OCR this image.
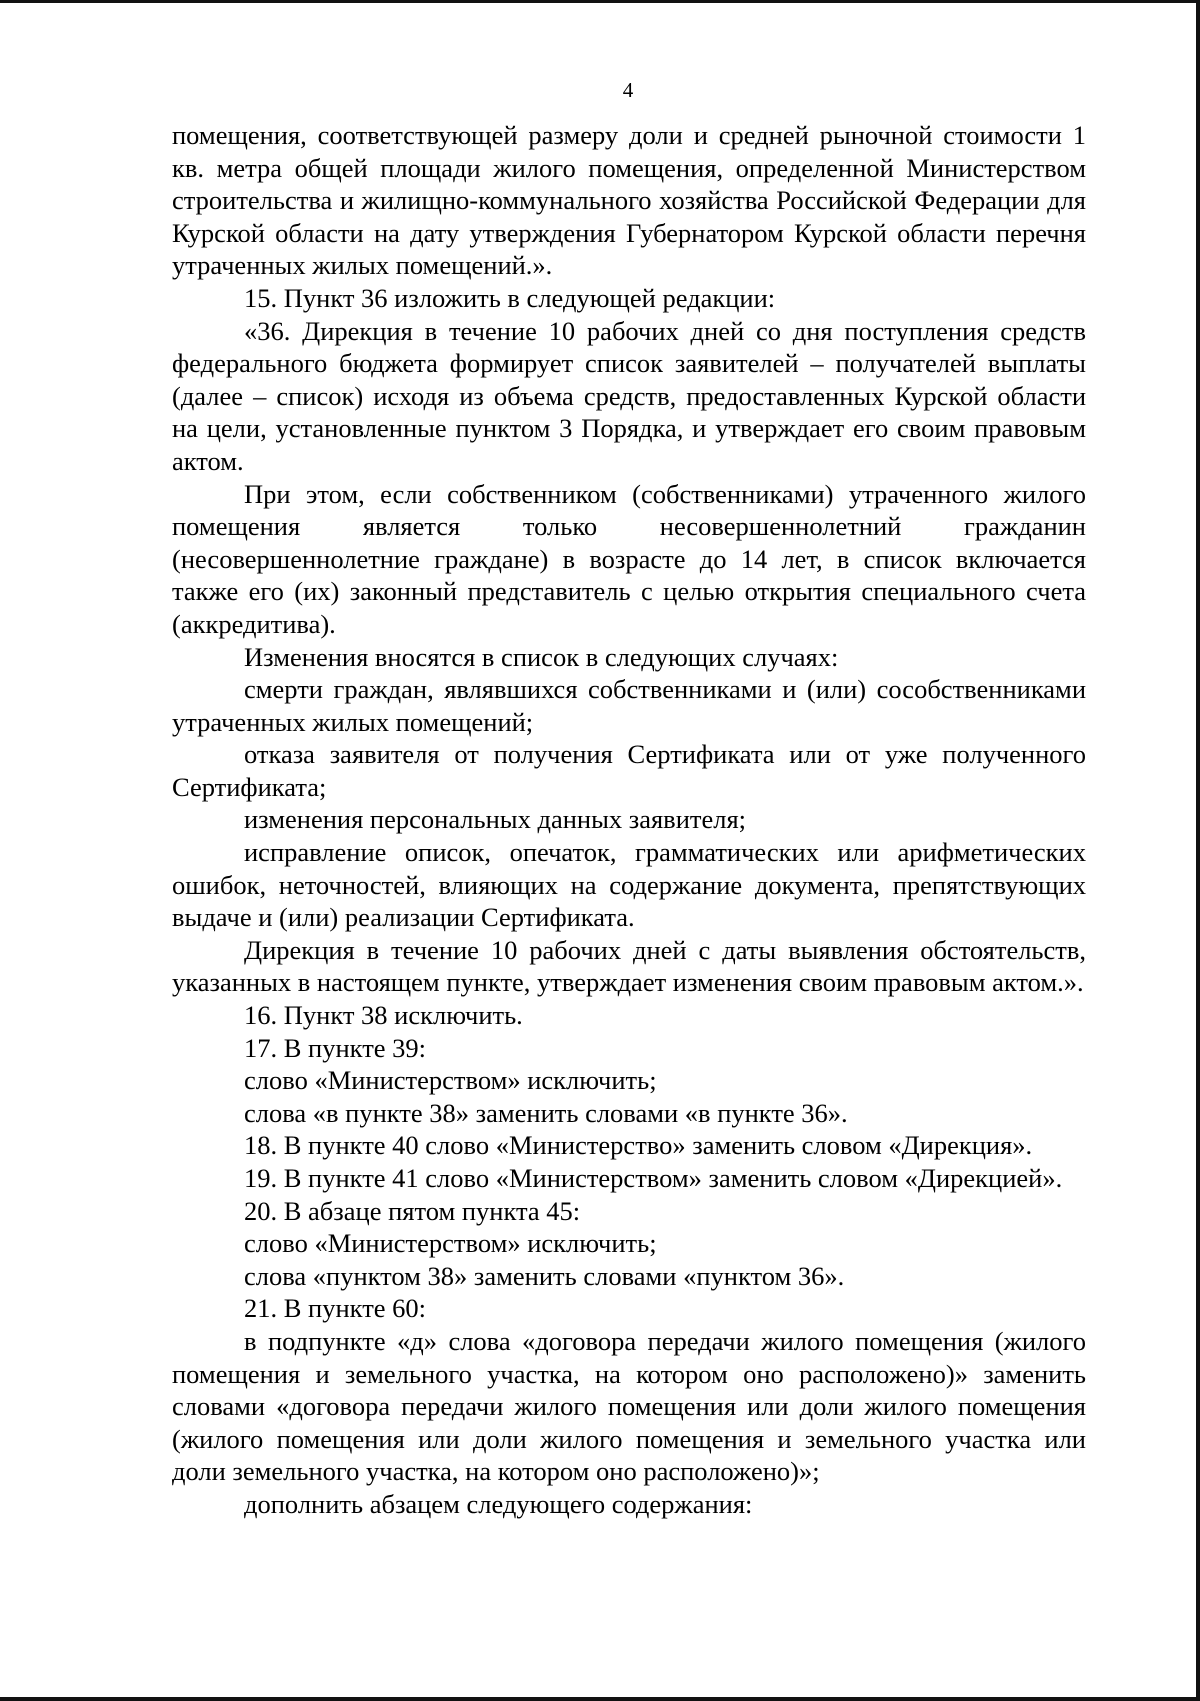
4

помещения, соответствующей размеру доли и средней рыночной стоимости 1 кв. метра общей площади жилого помещения, определенной Министерством строительства и жилищно-коммунального хозяйства Российской Федерации для Курской области на дату утверждения Губернатором Курской области перечня утраченных жилых помещений.».

15. Пункт 36 изложить в следующей редакции:

«36. Дирекция в течение 10 рабочих дней со дня поступления средств федерального бюджета формирует список заявителей – получателей выплаты (далее – список) исходя из объема средств, предоставленных Курской области на цели, установленные пунктом 3 Порядка, и утверждает его своим правовым актом.

При этом, если собственником (собственниками) утраченного жилого помещения является только несовершеннолетний гражданин (несовершеннолетние граждане) в возрасте до 14 лет, в список включается также его (их) законный представитель с целью открытия специального счета (аккредитива).

Изменения вносятся в список в следующих случаях:

смерти граждан, являвшихся собственниками и (или) сособственниками утраченных жилых помещений;

отказа заявителя от получения Сертификата или от уже полученного Сертификата;

изменения персональных данных заявителя;

исправление описок, опечаток, грамматических или арифметических ошибок, неточностей, влияющих на содержание документа, препятствующих выдаче и (или) реализации Сертификата.

Дирекция в течение 10 рабочих дней с даты выявления обстоятельств, указанных в настоящем пункте, утверждает изменения своим правовым актом.».

16. Пункт 38 исключить.

17. В пункте 39:

слово «Министерством» исключить;

слова «в пункте 38» заменить словами «в пункте 36».

18. В пункте 40 слово «Министерство» заменить словом «Дирекция».

19. В пункте 41 слово «Министерством» заменить словом «Дирекцией».

20. В абзаце пятом пункта 45:

слово «Министерством» исключить;

слова «пунктом 38» заменить словами «пунктом 36».

21. В пункте 60:

в подпункте «д» слова «договора передачи жилого помещения (жилого помещения и земельного участка, на котором оно расположено)» заменить словами «договора передачи жилого помещения или доли жилого помещения (жилого помещения или доли жилого помещения и земельного участка или доли земельного участка, на котором оно расположено)»;

дополнить абзацем следующего содержания:
